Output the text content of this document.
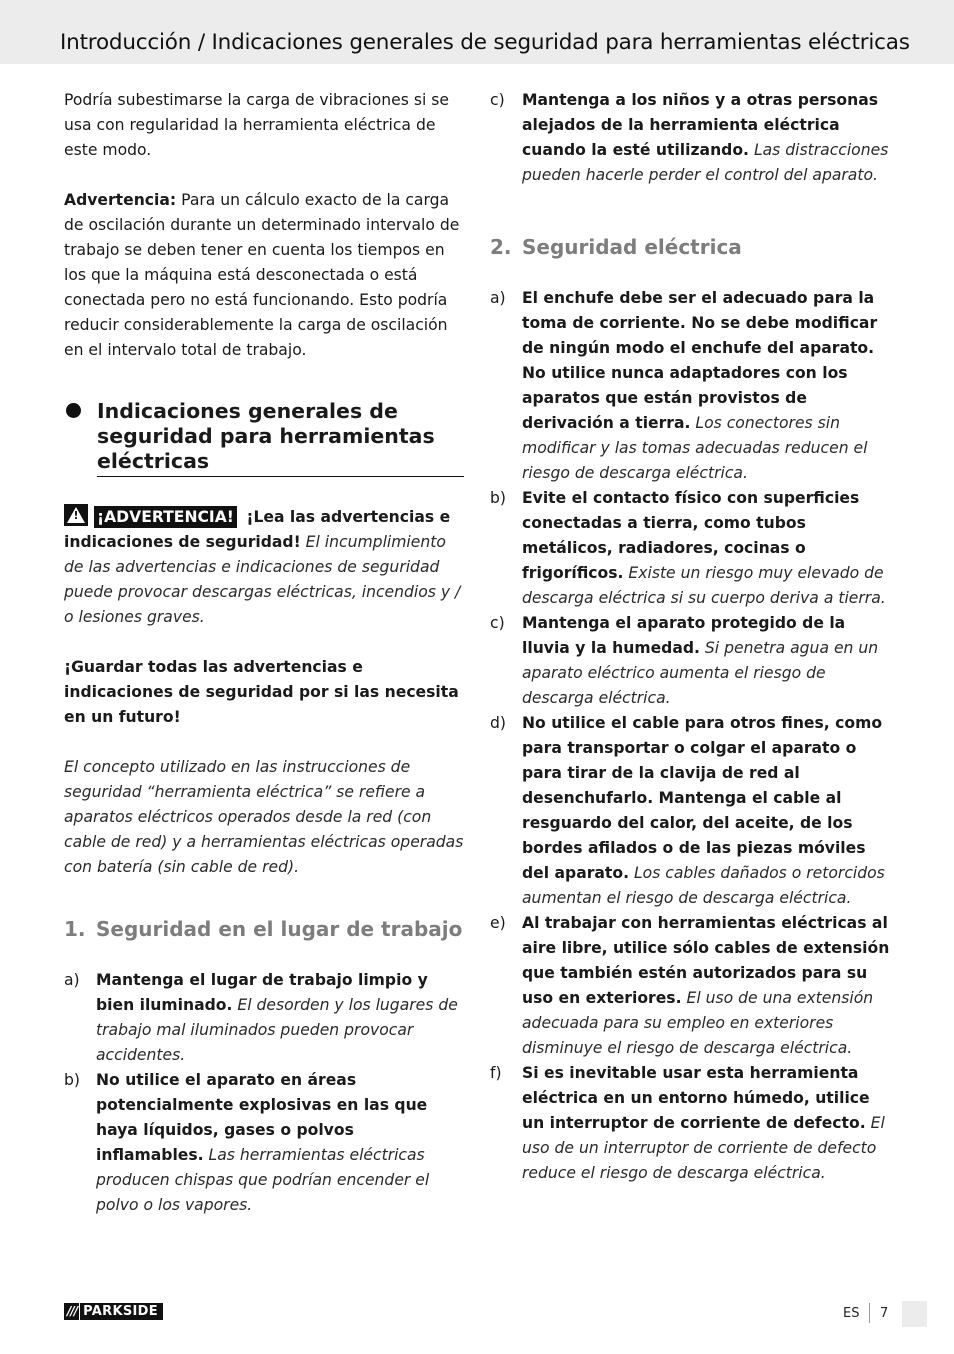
Introducción / Indicaciones generales de seguridad para herramientas eléctricas

Podría subestimarse la carga de vibraciones si se usa con regularidad la herramienta eléctrica de este modo.

Advertencia: Para un cálculo exacto de la carga de oscilación durante un determinado intervalo de trabajo se deben tener en cuenta los tiempos en los que la máquina está desconectada o está conectada pero no está funcionando. Esto podría reducir considerablemente la carga de oscilación en el intervalo total de trabajo.

Indicaciones generales de seguridad para herramientas eléctricas

!	¡ADVERTENCIA! ¡Lea las advertencias e indicaciones de seguridad! El incumplimiento de las advertencias e indicaciones de seguridad puede provocar descargas eléctricas, incendios y / o lesiones graves.

¡Guardar todas las advertencias e indicaciones de seguridad por si las necesita en un futuro!

El concepto utilizado en las instrucciones de seguridad “herramienta eléctrica” se refiere a aparatos eléctricos operados desde la red (con cable de red) y a herramientas eléctricas operadas con batería (sin cable de red).

1. Seguridad en el lugar de trabajo
a) Mantenga el lugar de trabajo limpio y bien iluminado. El desorden y los lugares de trabajo mal iluminados pueden provocar accidentes.
b) No utilice el aparato en áreas potencialmente explosivas en las que haya líquidos, gases o polvos inflamables. Las herramientas eléctricas producen chispas que podrían encender el polvo o los vapores.
c) Mantenga a los niños y a otras personas alejados de la herramienta eléctrica cuando la esté utilizando. Las distracciones pueden hacerle perder el control del aparato.
2. Seguridad eléctrica
a) El enchufe debe ser el adecuado para la toma de corriente. No se debe modificar de ningún modo el enchufe del aparato. No utilice nunca adaptadores con los aparatos que están provistos de derivación a tierra. Los conectores sin modificar y las tomas adecuadas reducen el riesgo de descarga eléctrica.
b) Evite el contacto físico con superficies conectadas a tierra, como tubos metálicos, radiadores, cocinas o frigoríficos. Existe un riesgo muy elevado de descarga eléctrica si su cuerpo deriva a tierra.
c) Mantenga el aparato protegido de la lluvia y la humedad. Si penetra agua en un aparato eléctrico aumenta el riesgo de descarga eléctrica.
d) No utilice el cable para otros fines, como para transportar o colgar el aparato o para tirar de la clavija de red al desenchufarlo. Mantenga el cable al resguardo del calor, del aceite, de los bordes afilados o de las piezas móviles del aparato. Los cables dañados o retorcidos aumentan el riesgo de descarga eléctrica.
e) Al trabajar con herramientas eléctricas al aire libre, utilice sólo cables de extensión que también estén autorizados para su uso en exteriores. El uso de una extensión adecuada para su empleo en exteriores disminuye el riesgo de descarga eléctrica.
f) Si es inevitable usar esta herramienta eléctrica en un entorno húmedo, utilice un interruptor de corriente de defecto. El uso de un interruptor de corriente de defecto reduce el riesgo de descarga eléctrica.
/// PARKSIDE	ES 7
